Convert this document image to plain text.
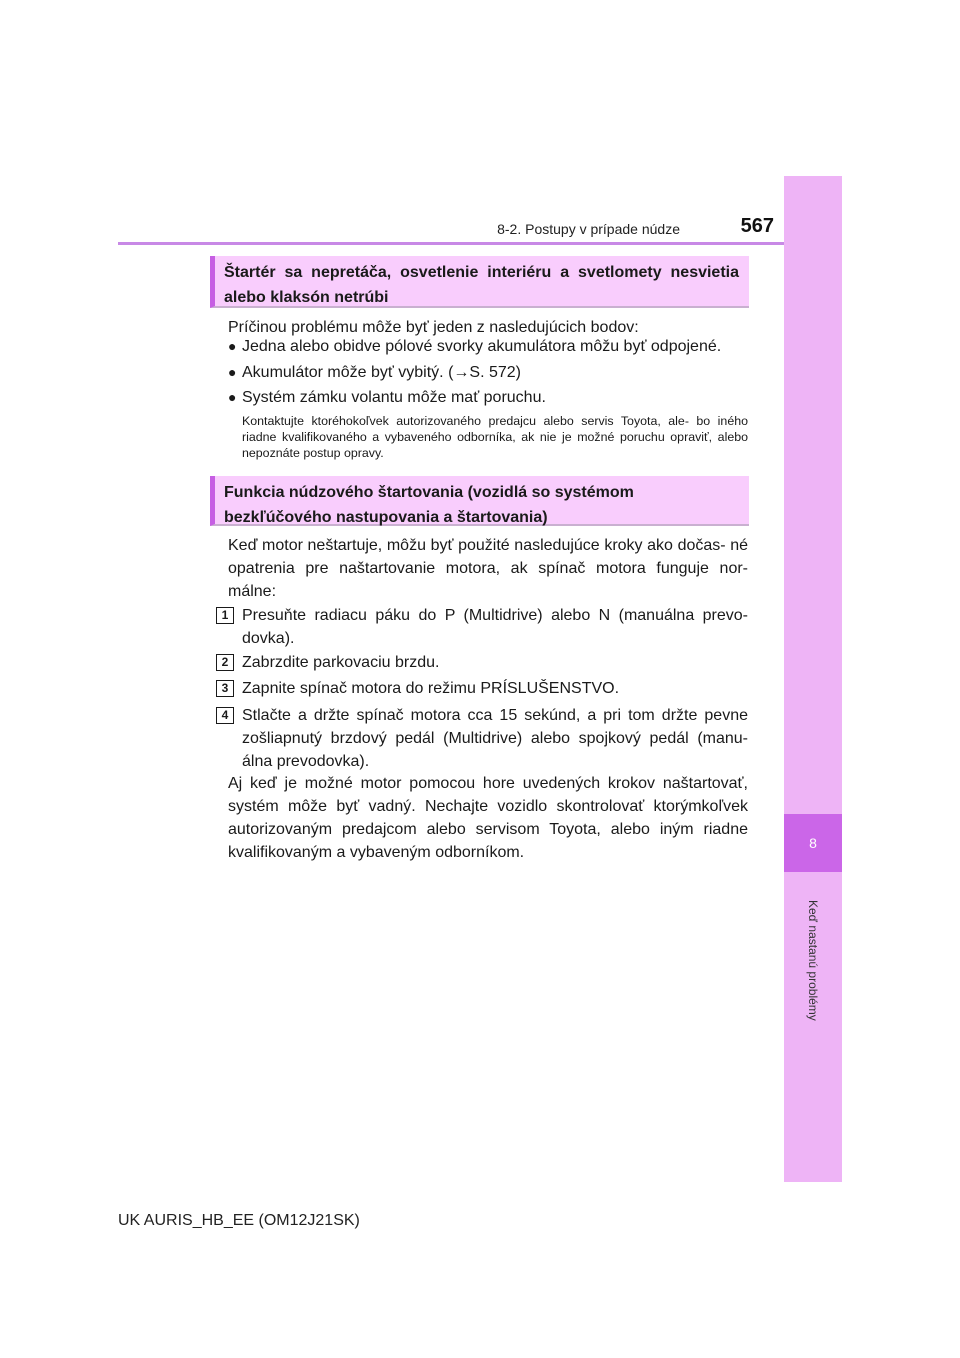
8
Keď nastanú problémy
8-2. Postupy v prípade núdze	567
Štartér sa nepretáča, osvetlenie interiéru a svetlomety nesvietia alebo klaksón netrúbi
Príčinou problému môže byť jeden z nasledujúcich bodov:
● Jedna alebo obidve pólové svorky akumulátora môžu byť odpojené.
● Akumulátor môže byť vybitý. (→S. 572)
● Systém zámku volantu môže mať poruchu.
Kontaktujte ktoréhokoľvek autorizovaného predajcu alebo servis Toyota, ale- bo iného riadne kvalifikovaného a vybaveného odborníka, ak nie je možné poruchu opraviť, alebo nepoznáte postup opravy.
Funkcia núdzového štartovania (vozidlá so systémom bezkľúčového nastupovania a štartovania)
Keď motor neštartuje, môžu byť použité nasledujúce kroky ako dočas- né opatrenia pre naštartovanie motora, ak spínač motora funguje nor- málne:
1 Presuňte radiacu páku do P (Multidrive) alebo N (manuálna prevo- dovka).
2 Zabrzdite parkovaciu brzdu.
3 Zapnite spínač motora do režimu PRÍSLUŠENSTVO.
4 Stlačte a držte spínač motora cca 15 sekúnd, a pri tom držte pevne zošliapnutý brzdový pedál (Multidrive) alebo spojkový pedál (manu- álna prevodovka).
Aj keď je možné motor pomocou hore uvedených krokov naštartovať, systém môže byť vadný. Nechajte vozidlo skontrolovať ktorýmkoľvek autorizovaným predajcom alebo servisom Toyota, alebo iným riadne kvalifikovaným a vybaveným odborníkom.
UK AURIS_HB_EE (OM12J21SK)
